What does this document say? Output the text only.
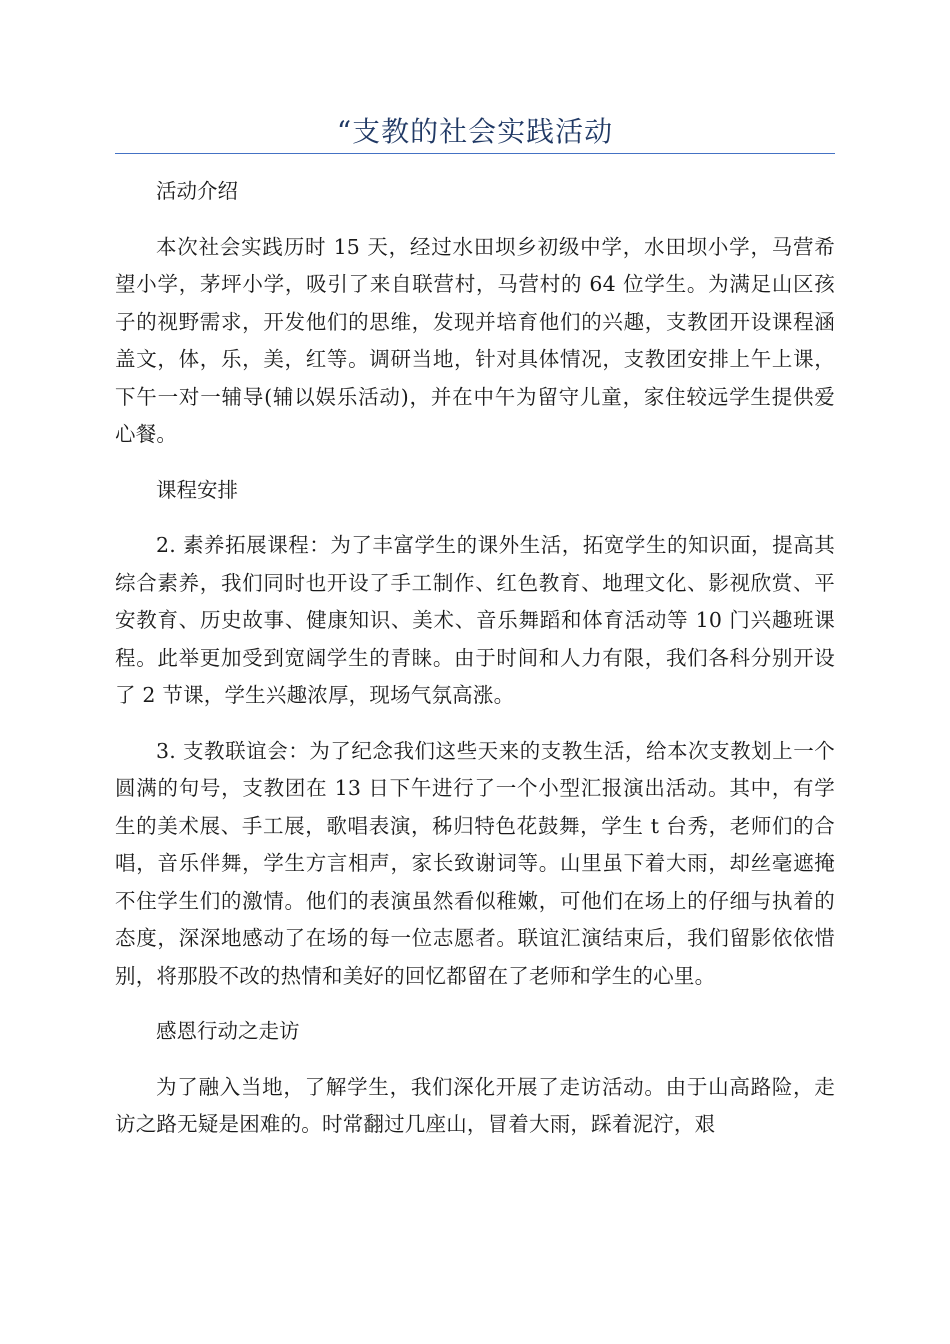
“支教的社会实践活动

活动介绍

本次社会实践历时 15 天，经过水田坝乡初级中学，水田坝小学，马营希望小学，茅坪小学，吸引了来自联营村，马营村的 64 位学生。为满足山区孩子的视野需求，开发他们的思维，发现并培育他们的兴趣，支教团开设课程涵盖文，体，乐，美，红等。调研当地，针对具体情况，支教团安排上午上课，下午一对一辅导(辅以娱乐活动)，并在中午为留守儿童，家住较远学生提供爱心餐。

课程安排

2. 素养拓展课程：为了丰富学生的课外生活，拓宽学生的知识面，提高其综合素养，我们同时也开设了手工制作、红色教育、地理文化、影视欣赏、平安教育、历史故事、健康知识、美术、音乐舞蹈和体育活动等 10 门兴趣班课程。此举更加受到宽阔学生的青睐。由于时间和人力有限，我们各科分别开设了 2 节课，学生兴趣浓厚，现场气氛高涨。

3. 支教联谊会：为了纪念我们这些天来的支教生活，给本次支教划上一个圆满的句号，支教团在 13 日下午进行了一个小型汇报演出活动。其中，有学生的美术展、手工展，歌唱表演，秭归特色花鼓舞，学生 t 台秀，老师们的合唱，音乐伴舞，学生方言相声，家长致谢词等。山里虽下着大雨，却丝毫遮掩不住学生们的激情。他们的表演虽然看似稚嫩，可他们在场上的仔细与执着的态度，深深地感动了在场的每一位志愿者。联谊汇演结束后，我们留影依依惜别，将那股不改的热情和美好的回忆都留在了老师和学生的心里。

感恩行动之走访

为了融入当地，了解学生，我们深化开展了走访活动。由于山高路险，走访之路无疑是困难的。时常翻过几座山，冒着大雨，踩着泥泞，艰
